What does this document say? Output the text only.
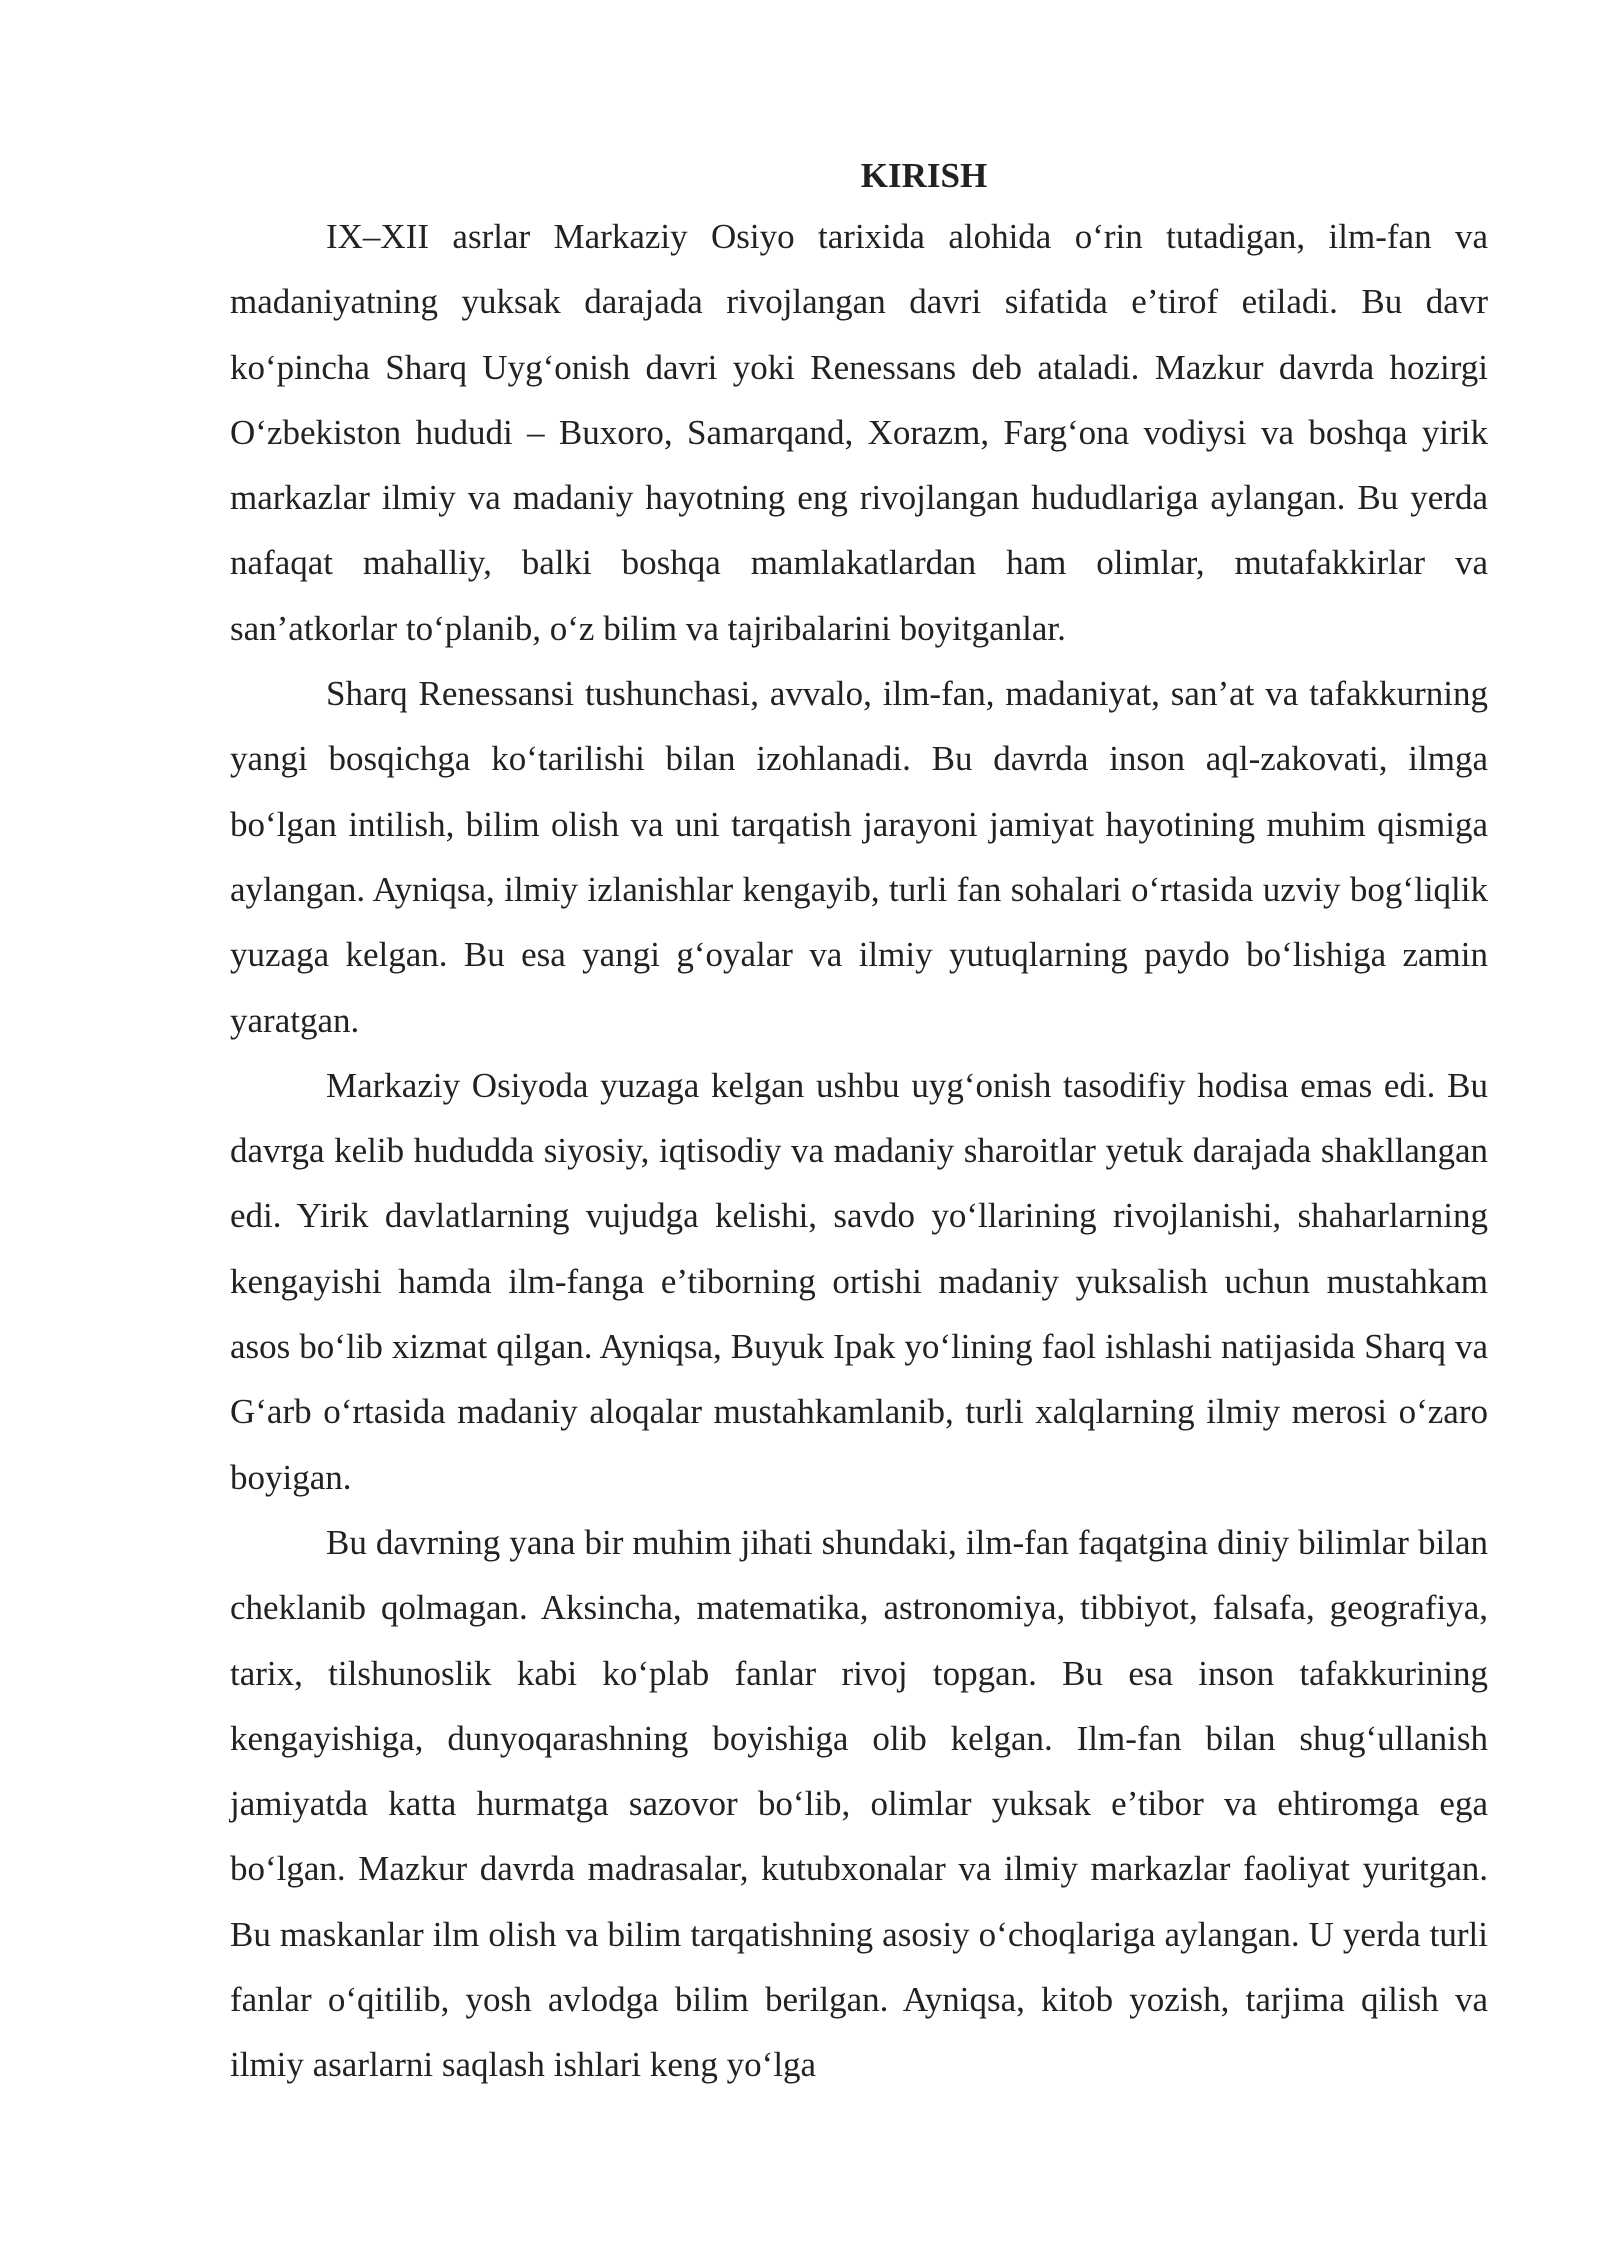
KIRISH

IX–XII asrlar Markaziy Osiyo tarixida alohida o‘rin tutadigan, ilm-fan va madaniyatning yuksak darajada rivojlangan davri sifatida e’tirof etiladi. Bu davr ko‘pincha Sharq Uyg‘onish davri yoki Renessans deb ataladi. Mazkur davrda hozirgi O‘zbekiston hududi – Buxoro, Samarqand, Xorazm, Farg‘ona vodiysi va boshqa yirik markazlar ilmiy va madaniy hayotning eng rivojlangan hududlariga aylangan. Bu yerda nafaqat mahalliy, balki boshqa mamlakatlardan ham olimlar, mutafakkirlar va san’atkorlar to‘planib, o‘z bilim va tajribalarini boyitganlar.

Sharq Renessansi tushunchasi, avvalo, ilm-fan, madaniyat, san’at va tafakkurning yangi bosqichga ko‘tarilishi bilan izohlanadi. Bu davrda inson aql-zakovati, ilmga bo‘lgan intilish, bilim olish va uni tarqatish jarayoni jamiyat hayotining muhim qismiga aylangan. Ayniqsa, ilmiy izlanishlar kengayib, turli fan sohalari o‘rtasida uzviy bog‘liqlik yuzaga kelgan. Bu esa yangi g‘oyalar va ilmiy yutuqlarning paydo bo‘lishiga zamin yaratgan.

Markaziy Osiyoda yuzaga kelgan ushbu uyg‘onish tasodifiy hodisa emas edi. Bu davrga kelib hududda siyosiy, iqtisodiy va madaniy sharoitlar yetuk darajada shakllangan edi. Yirik davlatlarning vujudga kelishi, savdo yo‘llarining rivojlanishi, shaharlarning kengayishi hamda ilm-fanga e’tiborning ortishi madaniy yuksalish uchun mustahkam asos bo‘lib xizmat qilgan. Ayniqsa, Buyuk Ipak yo‘lining faol ishlashi natijasida Sharq va G‘arb o‘rtasida madaniy aloqalar mustahkamlanib, turli xalqlarning ilmiy merosi o‘zaro boyigan.

Bu davrning yana bir muhim jihati shundaki, ilm-fan faqatgina diniy bilimlar bilan cheklanib qolmagan. Aksincha, matematika, astronomiya, tibbiyot, falsafa, geografiya, tarix, tilshunoslik kabi ko‘plab fanlar rivoj topgan. Bu esa inson tafakkurining kengayishiga, dunyoqarashning boyishiga olib kelgan. Ilm-fan bilan shug‘ullanish jamiyatda katta hurmatga sazovor bo‘lib, olimlar yuksak e’tibor va ehtiromga ega bo‘lgan. Mazkur davrda madrasalar, kutubxonalar va ilmiy markazlar faoliyat yuritgan. Bu maskanlar ilm olish va bilim tarqatishning asosiy o‘choqlariga aylangan. U yerda turli fanlar o‘qitilib, yosh avlodga bilim berilgan. Ayniqsa, kitob yozish, tarjima qilish va ilmiy asarlarni saqlash ishlari keng yo‘lga
